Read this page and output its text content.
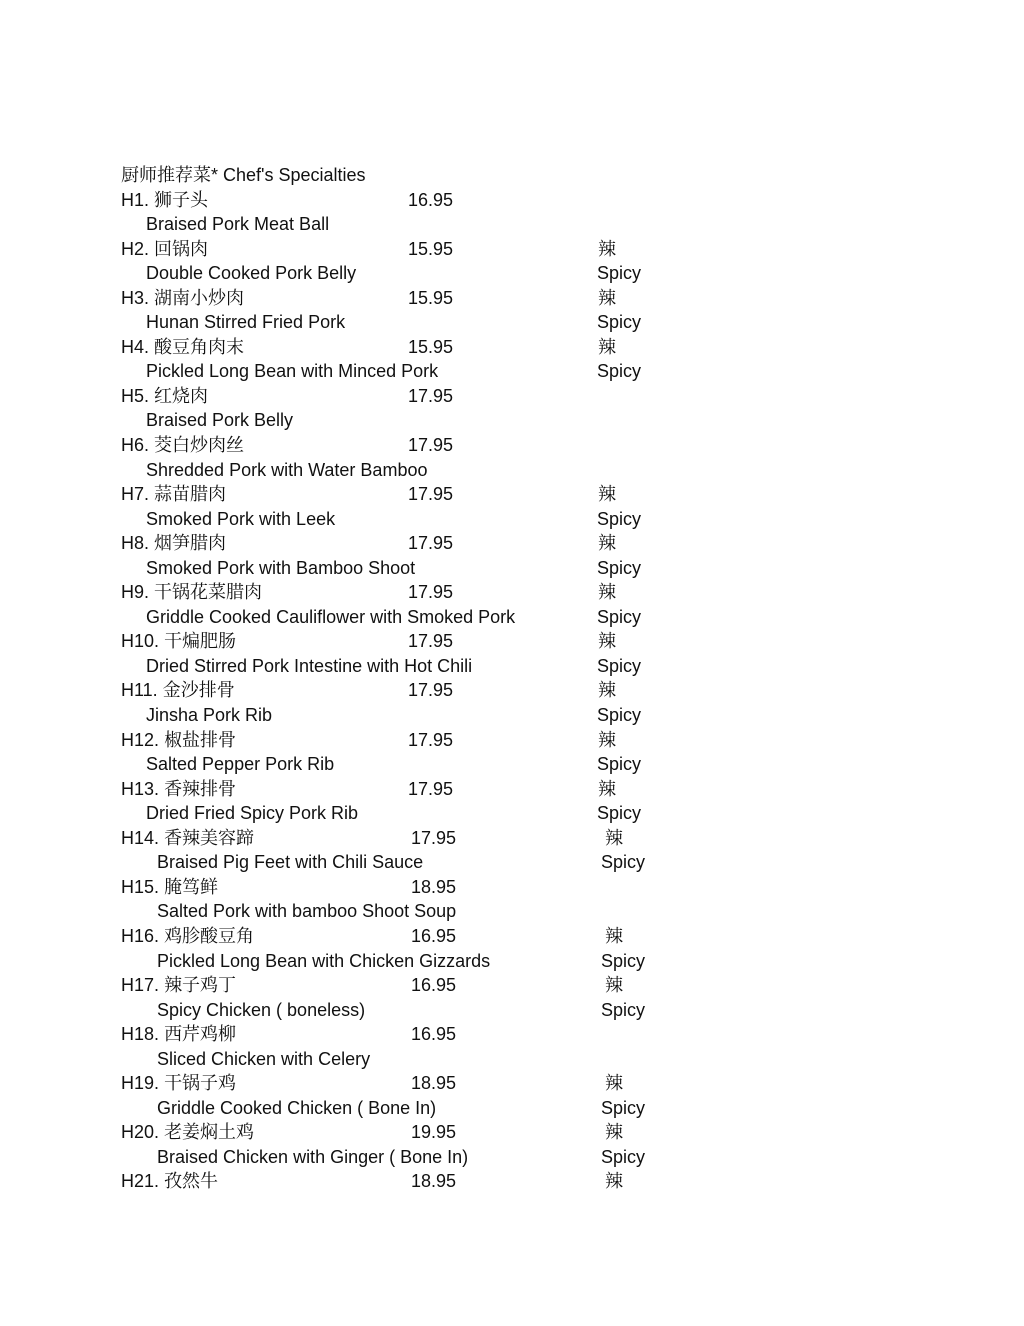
厨师推荐菜* Chef's Specialties
H1. 狮子头	16.95
Braised Pork Meat Ball
H2. 回锅肉	15.95	辣
Double Cooked Pork Belly	Spicy
H3. 湖南小炒肉	15.95	辣
Hunan Stirred Fried Pork	Spicy
H4. 酸豆角肉末	15.95	辣
Pickled Long Bean with Minced Pork	Spicy
H5. 红烧肉	17.95
Braised Pork Belly
H6. 茭白炒肉丝	17.95
Shredded Pork with Water Bamboo
H7. 蒜苗腊肉	17.95	辣
Smoked Pork with Leek	Spicy
H8. 烟笋腊肉	17.95	辣
Smoked Pork with Bamboo Shoot	Spicy
H9. 干锅花菜腊肉	17.95	辣
Griddle Cooked Cauliflower with Smoked Pork	Spicy
H10. 干煸肥肠	17.95	辣
Dried Stirred Pork Intestine with Hot Chili	Spicy
H11. 金沙排骨	17.95	辣
Jinsha Pork Rib	Spicy
H12. 椒盐排骨	17.95	辣
Salted Pepper Pork Rib	Spicy
H13. 香辣排骨	17.95	辣
Dried Fried Spicy Pork Rib	Spicy
H14. 香辣美容蹄	17.95	辣
Braised Pig Feet with Chili Sauce	Spicy
H15. 腌笃鲜	18.95
Salted Pork with bamboo Shoot Soup
H16. 鸡胗酸豆角	16.95	辣
Pickled Long Bean with Chicken Gizzards	Spicy
H17. 辣子鸡丁	16.95	辣
Spicy Chicken ( boneless)	Spicy
H18. 西芹鸡柳	16.95
Sliced Chicken with Celery
H19. 干锅子鸡	18.95	辣
Griddle Cooked Chicken ( Bone In)	Spicy
H20. 老姜焖土鸡	19.95	辣
Braised Chicken with Ginger ( Bone In)	Spicy
H21. 孜然牛	18.95	辣
